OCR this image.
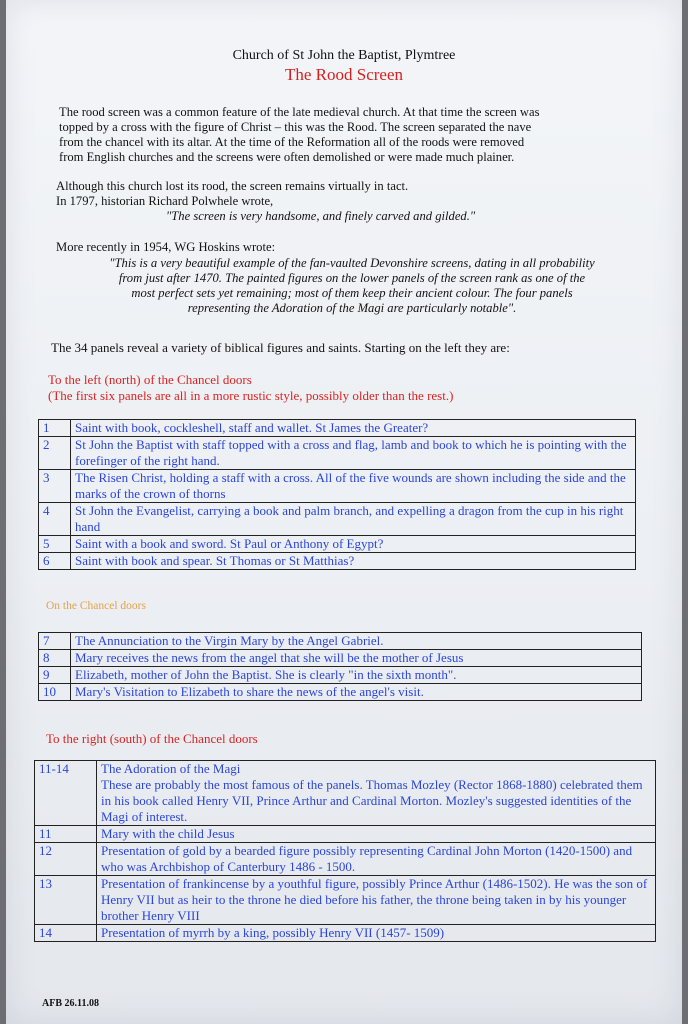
Church of St John the Baptist, Plymtree
The Rood Screen
The rood screen was a common feature of the late medieval church. At that time the screen was
topped by a cross with the figure of Christ – this was the Rood. The screen separated the nave
from the chancel with its altar. At the time of the Reformation all of the roods were removed
from English churches and the screens were often demolished or were made much plainer.
Although this church lost its rood, the screen remains virtually in tact.
In 1797, historian Richard Polwhele wrote,
"The screen is very handsome, and finely carved and gilded."
More recently in 1954, WG Hoskins wrote:
"This is a very beautiful example of the fan-vaulted Devonshire screens, dating in all probability
from just after 1470. The painted figures on the lower panels of the screen rank as one of the
most perfect sets yet remaining; most of them keep their ancient colour. The four panels
representing the Adoration of the Magi are particularly notable".
The 34 panels reveal a variety of biblical figures and saints. Starting on the left they are:
To the left (north) of the Chancel doors
(The first six panels are all in a more rustic style, possibly older than the rest.)
1	Saint with book, cockleshell, staff and wallet. St James the Greater?
2	St John the Baptist with staff topped with a cross and flag, lamb and book to which he is pointing with the forefinger of the right hand.
3	The Risen Christ, holding a staff with a cross. All of the five wounds are shown including the side and the marks of the crown of thorns
4	St John the Evangelist, carrying a book and palm branch, and expelling a dragon from the cup in his right hand
5	Saint with a book and sword. St Paul or Anthony of Egypt?
6	Saint with book and spear. St Thomas or St Matthias?
On the Chancel doors
7	The Annunciation to the Virgin Mary by the Angel Gabriel.
8	Mary receives the news from the angel that she will be the mother of Jesus
9	Elizabeth, mother of John the Baptist. She is clearly "in the sixth month".
10	Mary's Visitation to Elizabeth to share the news of the angel's visit.
To the right (south) of the Chancel doors
11-14	The Adoration of the Magi
These are probably the most famous of the panels. Thomas Mozley (Rector 1868-1880) celebrated them in his book called Henry VII, Prince Arthur and Cardinal Morton. Mozley's suggested identities of the Magi of interest.
11	Mary with the child Jesus
12	Presentation of gold by a bearded figure possibly representing Cardinal John Morton (1420-1500) and who was Archbishop of Canterbury 1486 - 1500.
13	Presentation of frankincense by a youthful figure, possibly Prince Arthur (1486-1502). He was the son of Henry VII but as heir to the throne he died before his father, the throne being taken in by his younger brother Henry VIII
14	Presentation of myrrh by a king, possibly Henry VII (1457- 1509)
AFB 26.11.08
